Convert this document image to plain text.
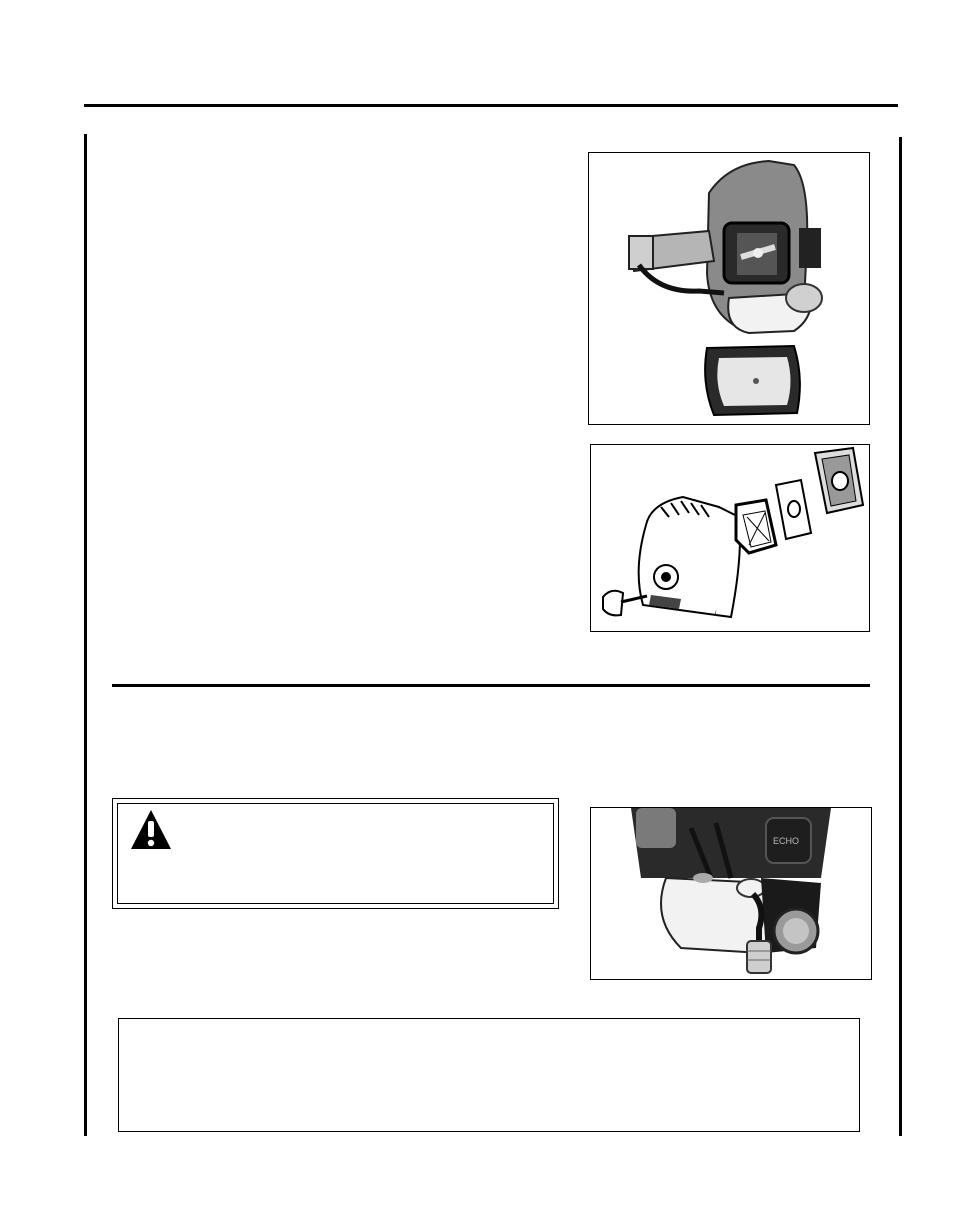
ECHO
